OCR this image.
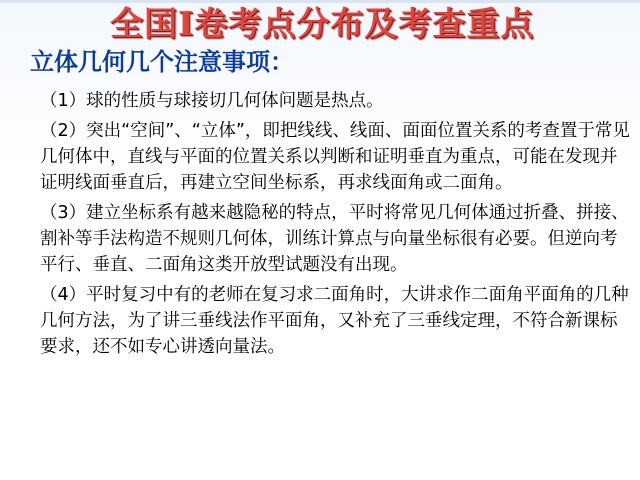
全国Ⅰ卷考点分布及考查重点
立体几何几个注意事项：

（1）球的性质与球接切几何体问题是热点。

（2）突出“空间”、“立体”，即把线线、线面、面面位置关系的考查置于常见几何体中，直线与平面的位置关系以判断和证明垂直为重点，可能在发现并证明线面垂直后，再建立空间坐标系，再求线面角或二面角。

（3）建立坐标系有越来越隐秘的特点，平时将常见几何体通过折叠、拼接、割补等手法构造不规则几何体，训练计算点与向量坐标很有必要。但逆向考平行、垂直、二面角这类开放型试题没有出现。

（4）平时复习中有的老师在复习求二面角时，大讲求作二面角平面角的几种几何方法，为了讲三垂线法作平面角，又补充了三垂线定理，不符合新课标要求，还不如专心讲透向量法。
